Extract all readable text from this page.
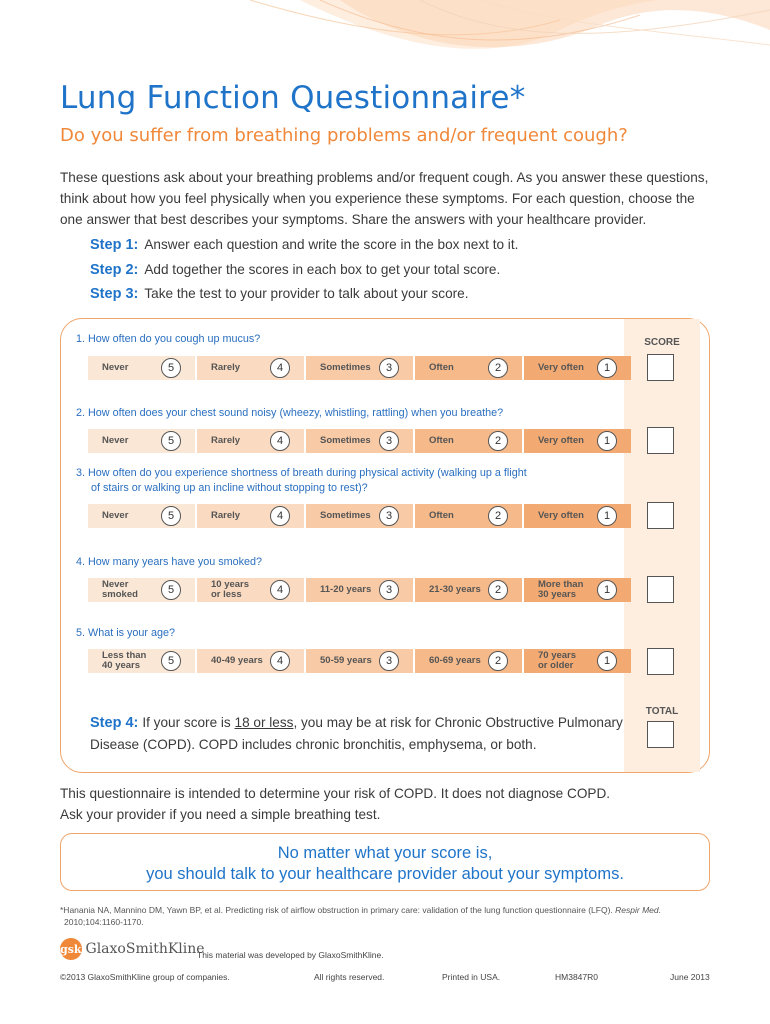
Lung Function Questionnaire*
Do you suffer from breathing problems and/or frequent cough?
These questions ask about your breathing problems and/or frequent cough. As you answer these questions, think about how you feel physically when you experience these symptoms. For each question, choose the one answer that best describes your symptoms. Share the answers with your healthcare provider.
Step 1: Answer each question and write the score in the box next to it.
Step 2: Add together the scores in each box to get your total score.
Step 3: Take the test to your provider to talk about your score.
SCORE
1. How often do you cough up mucus?
Never	5	Rarely	4	Sometimes	3	Often	2	Very often	1
2. How often does your chest sound noisy (wheezy, whistling, rattling) when you breathe?
Never	5	Rarely	4	Sometimes	3	Often	2	Very often	1
3. How often do you experience shortness of breath during physical activity (walking up a flight
of stairs or walking up an incline without stopping to rest)?
Never	5	Rarely	4	Sometimes	3	Often	2	Very often	1
4. How many years have you smoked?
Never
smoked	5	10 years
or less	4	11-20 years	3	21-30 years	2	More than
30 years	1
5. What is your age?
Less than
40 years	5	40-49 years	4	50-59 years	3	60-69 years	2	70 years
or older	1
TOTAL
Step 4: If your score is 18 or less, you may be at risk for Chronic Obstructive Pulmonary Disease (COPD). COPD includes chronic bronchitis, emphysema, or both.
This questionnaire is intended to determine your risk of COPD. It does not diagnose COPD.
Ask your provider if you need a simple breathing test.
No matter what your score is,
you should talk to your healthcare provider about your symptoms.
*Hanania NA, Mannino DM, Yawn BP, et al. Predicting risk of airflow obstruction in primary care: validation of the lung function questionnaire (LFQ). Respir Med.
2010;104:1160-1170.
gsk GlaxoSmithKline
This material was developed by GlaxoSmithKline.
©2013 GlaxoSmithKline group of companies.	All rights reserved.	Printed in USA.	HM3847R0	June 2013
